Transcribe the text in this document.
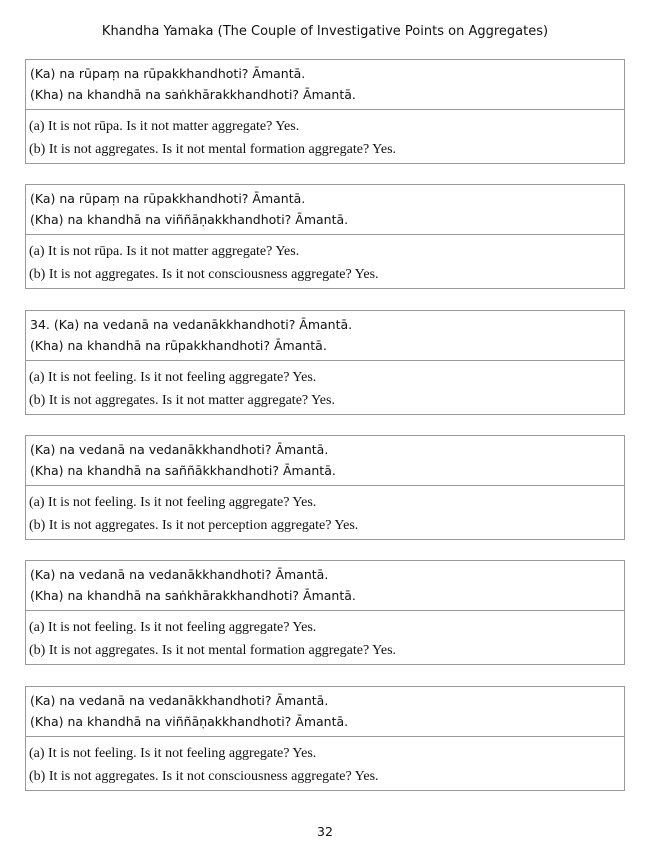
Khandha Yamaka (The Couple of Investigative Points on Aggregates)
(Ka) na rūpaṃ na rūpakkhandhoti? Āmantā.
(Kha) na khandhā na saṅkhārakkhandhoti? Āmantā.
(a) It is not rūpa. Is it not matter aggregate? Yes.
(b) It is not aggregates. Is it not mental formation aggregate? Yes.
(Ka) na rūpaṃ na rūpakkhandhoti? Āmantā.
(Kha) na khandhā na viññāṇakkhandhoti? Āmantā.
(a) It is not rūpa. Is it not matter aggregate? Yes.
(b) It is not aggregates. Is it not consciousness aggregate? Yes.
34. (Ka) na vedanā na vedanākkhandhoti? Āmantā.
(Kha) na khandhā na rūpakkhandhoti? Āmantā.
(a) It is not feeling. Is it not feeling aggregate? Yes.
(b) It is not aggregates. Is it not matter aggregate? Yes.
(Ka) na vedanā na vedanākkhandhoti? Āmantā.
(Kha) na khandhā na saññākkhandhoti? Āmantā.
(a) It is not feeling. Is it not feeling aggregate? Yes.
(b) It is not aggregates. Is it not perception aggregate? Yes.
(Ka) na vedanā na vedanākkhandhoti? Āmantā.
(Kha) na khandhā na saṅkhārakkhandhoti? Āmantā.
(a) It is not feeling. Is it not feeling aggregate? Yes.
(b) It is not aggregates. Is it not mental formation aggregate? Yes.
(Ka) na vedanā na vedanākkhandhoti? Āmantā.
(Kha) na khandhā na viññāṇakkhandhoti? Āmantā.
(a) It is not feeling. Is it not feeling aggregate? Yes.
(b) It is not aggregates. Is it not consciousness aggregate? Yes.
32
